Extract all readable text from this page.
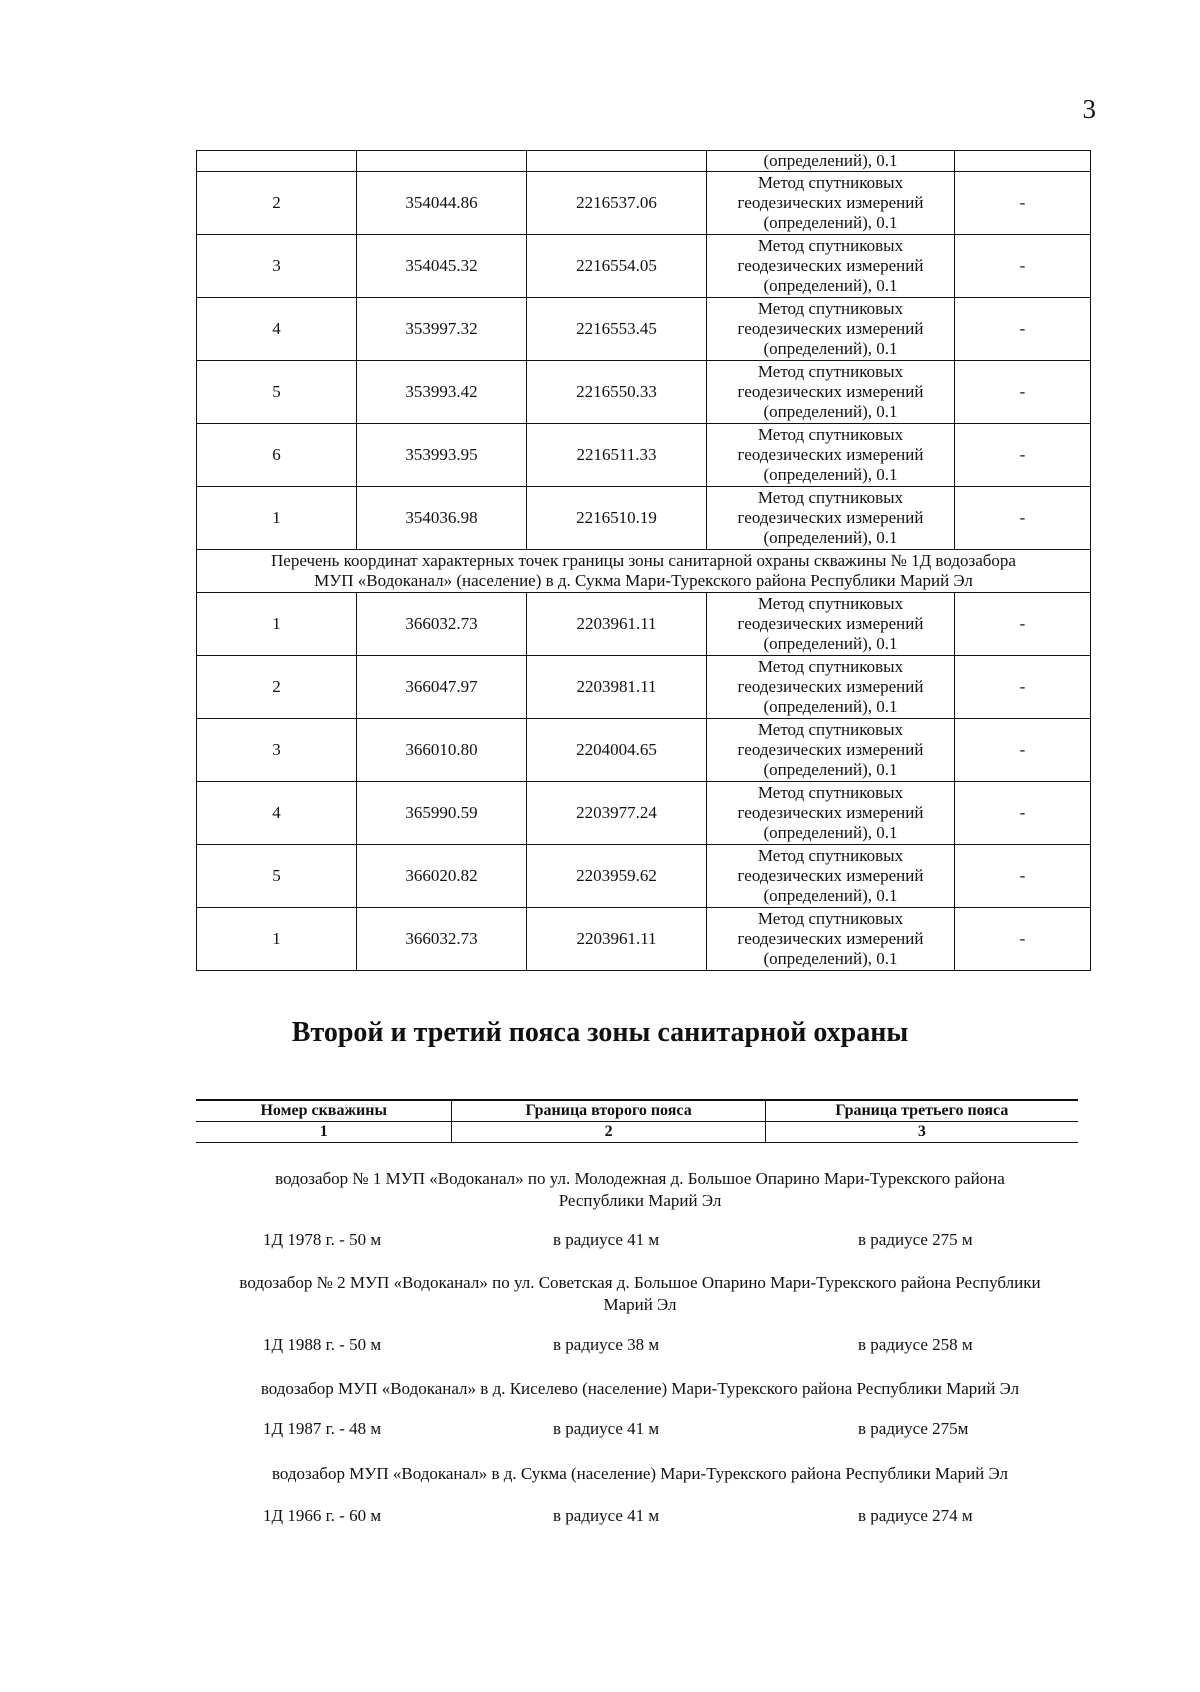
3
			(определений), 0.1	
2	354044.86	2216537.06	Метод спутниковых
геодезических измерений
(определений), 0.1	-
3	354045.32	2216554.05	Метод спутниковых
геодезических измерений
(определений), 0.1	-
4	353997.32	2216553.45	Метод спутниковых
геодезических измерений
(определений), 0.1	-
5	353993.42	2216550.33	Метод спутниковых
геодезических измерений
(определений), 0.1	-
6	353993.95	2216511.33	Метод спутниковых
геодезических измерений
(определений), 0.1	-
1	354036.98	2216510.19	Метод спутниковых
геодезических измерений
(определений), 0.1	-

Перечень координат характерных точек границы зоны санитарной охраны скважины № 1Д водозабора
МУП «Водоканал» (население) в д. Сукма Мари-Турекского района Республики Марий Эл				

1	366032.73	2203961.11	Метод спутниковых
геодезических измерений
(определений), 0.1	-
2	366047.97	2203981.11	Метод спутниковых
геодезических измерений
(определений), 0.1	-
3	366010.80	2204004.65	Метод спутниковых
геодезических измерений
(определений), 0.1	-
4	365990.59	2203977.24	Метод спутниковых
геодезических измерений
(определений), 0.1	-
5	366020.82	2203959.62	Метод спутниковых
геодезических измерений
(определений), 0.1	-
1	366032.73	2203961.11	Метод спутниковых
геодезических измерений
(определений), 0.1	-
Второй и третий пояса зоны санитарной охраны
Номер скважины	Граница второго пояса	Граница третьего пояса
1	2	3
водозабор № 1 МУП «Водоканал» по ул. Молодежная д. Большое Опарино Мари-Турекского района
Республики Марий Эл
1Д 1978 г. - 50 м	в радиусе 41 м	в радиусе 275 м
водозабор № 2 МУП «Водоканал» по ул. Советская д. Большое Опарино Мари-Турекского района Республики
Марий Эл
1Д 1988 г. - 50 м	в радиусе 38 м	в радиусе 258 м
водозабор МУП «Водоканал» в д. Киселево (население) Мари-Турекского района Республики Марий Эл
1Д 1987 г. - 48 м	в радиусе 41 м	в радиусе 275м
водозабор МУП «Водоканал» в д. Сукма (население) Мари-Турекского района Республики Марий Эл
1Д 1966 г. - 60 м	в радиусе 41 м	в радиусе 274 м
